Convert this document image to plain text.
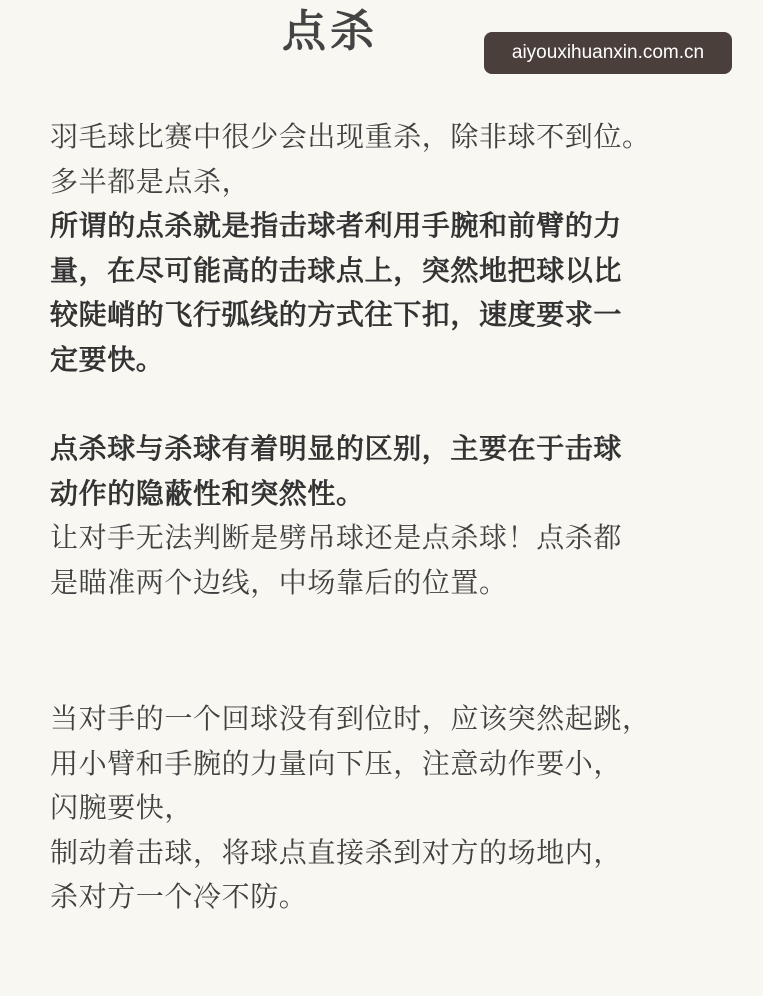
点杀	aiyouxihuanxin.com.cn
羽毛球比赛中很少会出现重杀，除非球不到位。
多半都是点杀，
所谓的点杀就是指击球者利用手腕和前臂的力
量，在尽可能高的击球点上，突然地把球以比
较陡峭的飞行弧线的方式往下扣，速度要求一
定要快。
点杀球与杀球有着明显的区别，主要在于击球
动作的隐蔽性和突然性。
让对手无法判断是劈吊球还是点杀球！点杀都
是瞄准两个边线，中场靠后的位置。
当对手的一个回球没有到位时，应该突然起跳，
用小臂和手腕的力量向下压，注意动作要小，
闪腕要快，
制动着击球，将球点直接杀到对方的场地内，
杀对方一个冷不防。
